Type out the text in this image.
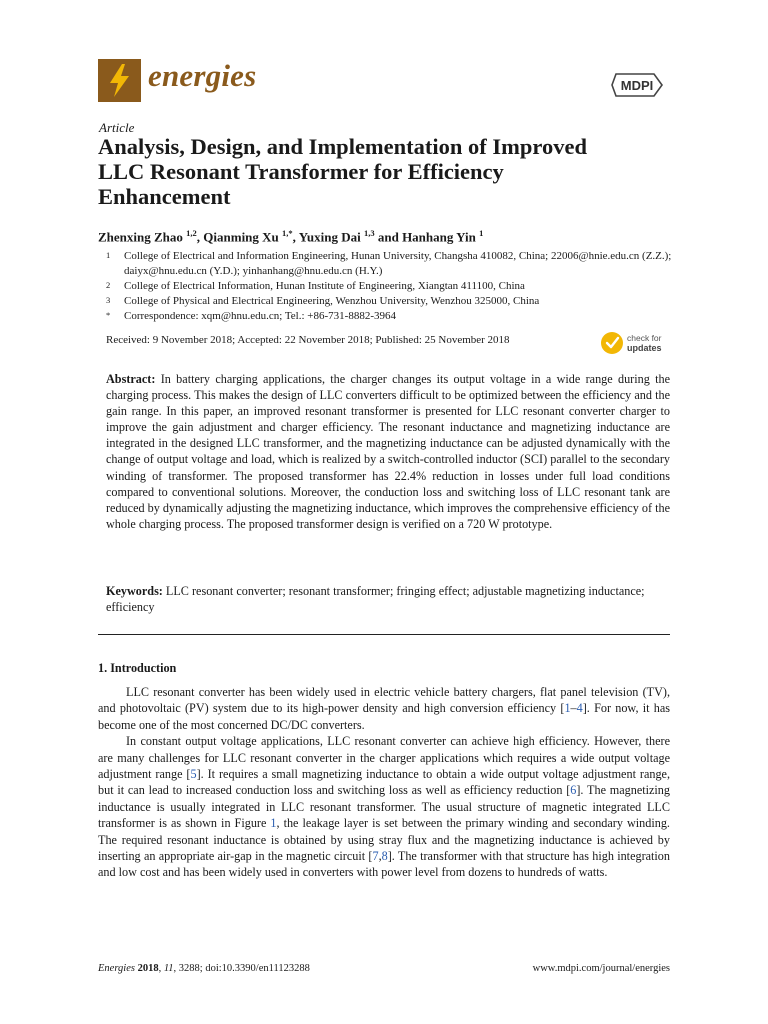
energies	MDPI
Article
Analysis, Design, and Implementation of Improved LLC Resonant Transformer for Efficiency Enhancement
Zhenxing Zhao $^{1,2}$, Qianming Xu $^{1,*}$, Yuxing Dai $^{1,3}$ and Hanhang Yin $^1$
1 College of Electrical and Information Engineering, Hunan University, Changsha 410082, China; 22006@hnie.edu.cn (Z.Z.); daiyx@hnu.edu.cn (Y.D.); yinhanhang@hnu.edu.cn (H.Y.)
2 College of Electrical Information, Hunan Institute of Engineering, Xiangtan 411100, China
3 College of Physical and Electrical Engineering, Wenzhou University, Wenzhou 325000, China
* Correspondence: xqm@hnu.edu.cn; Tel.: +86-731-8882-3964
Received: 9 November 2018; Accepted: 22 November 2018; Published: 25 November 2018	check for
updates

Abstract: In battery charging applications, the charger changes its output voltage in a wide range during the charging process. This makes the design of LLC converters difficult to be optimized between the efficiency and the gain range. In this paper, an improved resonant transformer is presented for LLC resonant converter charger to improve the gain adjustment and charger efficiency. The resonant inductance and magnetizing inductance are integrated in the designed LLC transformer, and the magnetizing inductance can be adjusted dynamically with the change of output voltage and load, which is realized by a switch-controlled inductor (SCI) parallel to the secondary winding of transformer. The proposed transformer has 22.4% reduction in losses under full load conditions compared to conventional solutions. Moreover, the conduction loss and switching loss of LLC resonant tank are reduced by dynamically adjusting the magnetizing inductance, which improves the comprehensive efficiency of the whole charging process. The proposed transformer design is verified on a 720 W prototype.

Keywords: LLC resonant converter; resonant transformer; fringing effect; adjustable magnetizing inductance; efficiency

1. Introduction

LLC resonant converter has been widely used in electric vehicle battery chargers, flat panel television (TV), and photovoltaic (PV) system due to its high-power density and high conversion efficiency [1–4]. For now, it has become one of the most concerned DC/DC converters.

In constant output voltage applications, LLC resonant converter can achieve high efficiency. However, there are many challenges for LLC resonant converter in the charger applications which requires a wide output voltage adjustment range [5]. It requires a small magnetizing inductance to obtain a wide output voltage adjustment range, but it can lead to increased conduction loss and switching loss as well as efficiency reduction [6]. The magnetizing inductance is usually integrated in LLC resonant transformer. The usual structure of magnetic integrated LLC transformer is as shown in Figure 1, the leakage layer is set between the primary winding and secondary winding. The required resonant inductance is obtained by using stray flux and the magnetizing inductance is achieved by inserting an appropriate air-gap in the magnetic circuit [7,8]. The transformer with that structure has high integration and low cost and has been widely used in converters with power level from dozens to hundreds of watts.

Energies 2018, 11, 3288; doi:10.3390/en11123288	www.mdpi.com/journal/energies
